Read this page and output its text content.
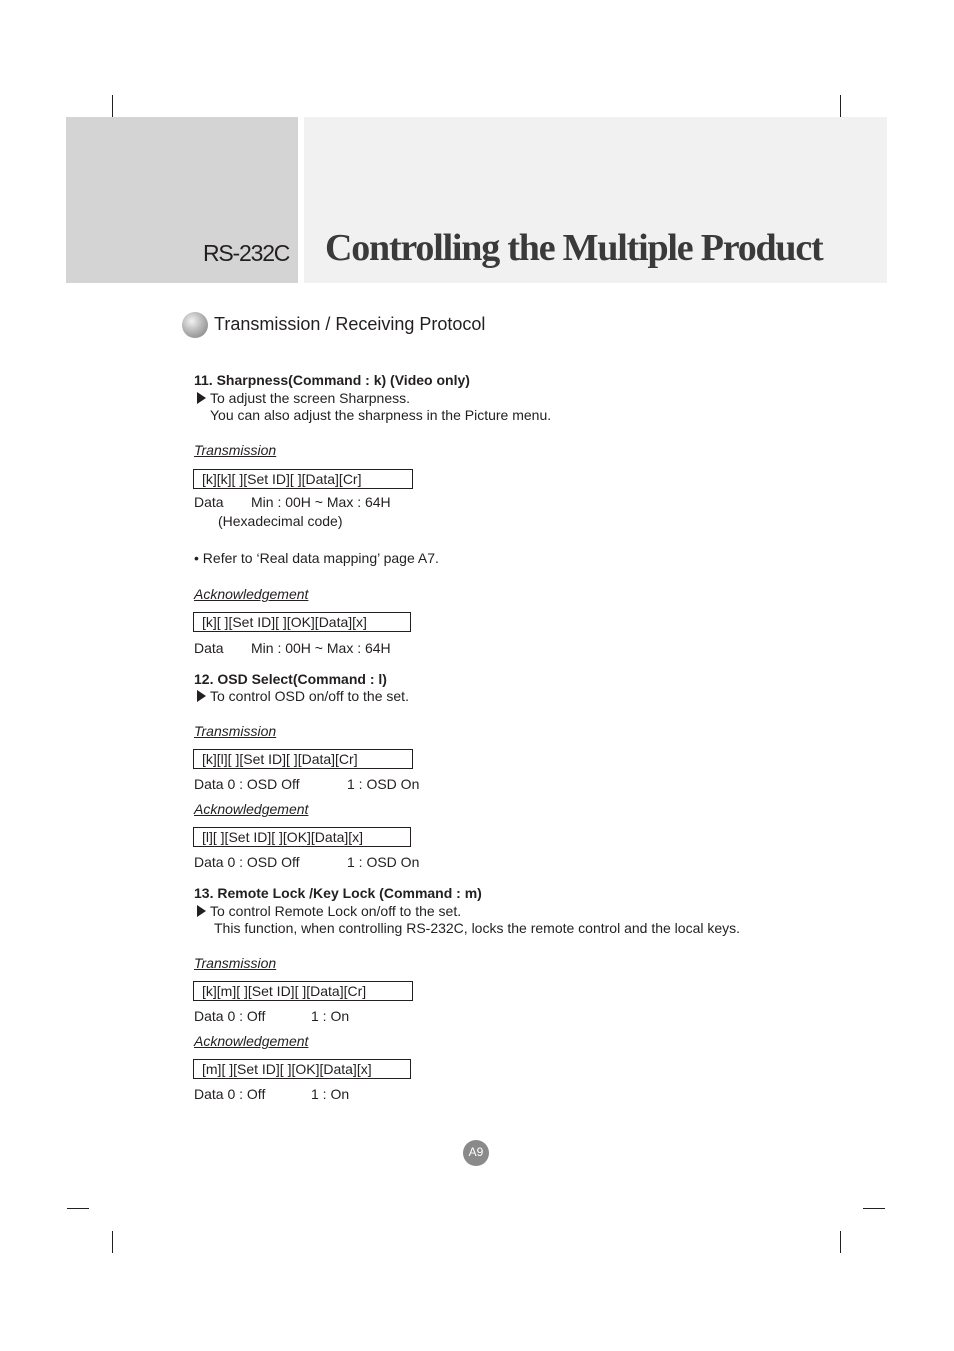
RS-232C Controlling the Multiple Product
Transmission / Receiving Protocol
11. Sharpness(Command : k) (Video only)
To adjust the screen Sharpness.
You can also adjust the sharpness in the Picture menu.
Transmission
[k][k][ ][Set ID][ ][Data][Cr]
Data Min : 00H ~ Max : 64H
(Hexadecimal code)
• Refer to ‘Real data mapping’ page A7.
Acknowledgement
[k][ ][Set ID][ ][OK][Data][x]
Data Min : 00H ~ Max : 64H
12. OSD Select(Command : l)
To control OSD on/off to the set.
Transmission
[k][l][ ][Set ID][ ][Data][Cr]
Data 0 : OSD Off	1 : OSD On
Acknowledgement
[l][ ][Set ID][ ][OK][Data][x]
Data 0 : OSD Off	1 : OSD On
13. Remote Lock /Key Lock (Command : m)
To control Remote Lock on/off to the set.
This function, when controlling RS-232C, locks the remote control and the local keys.
Transmission
[k][m][ ][Set ID][ ][Data][Cr]
Data 0 : Off	1 : On
Acknowledgement
[m][ ][Set ID][ ][OK][Data][x]
Data 0 : Off	1 : On
A9
